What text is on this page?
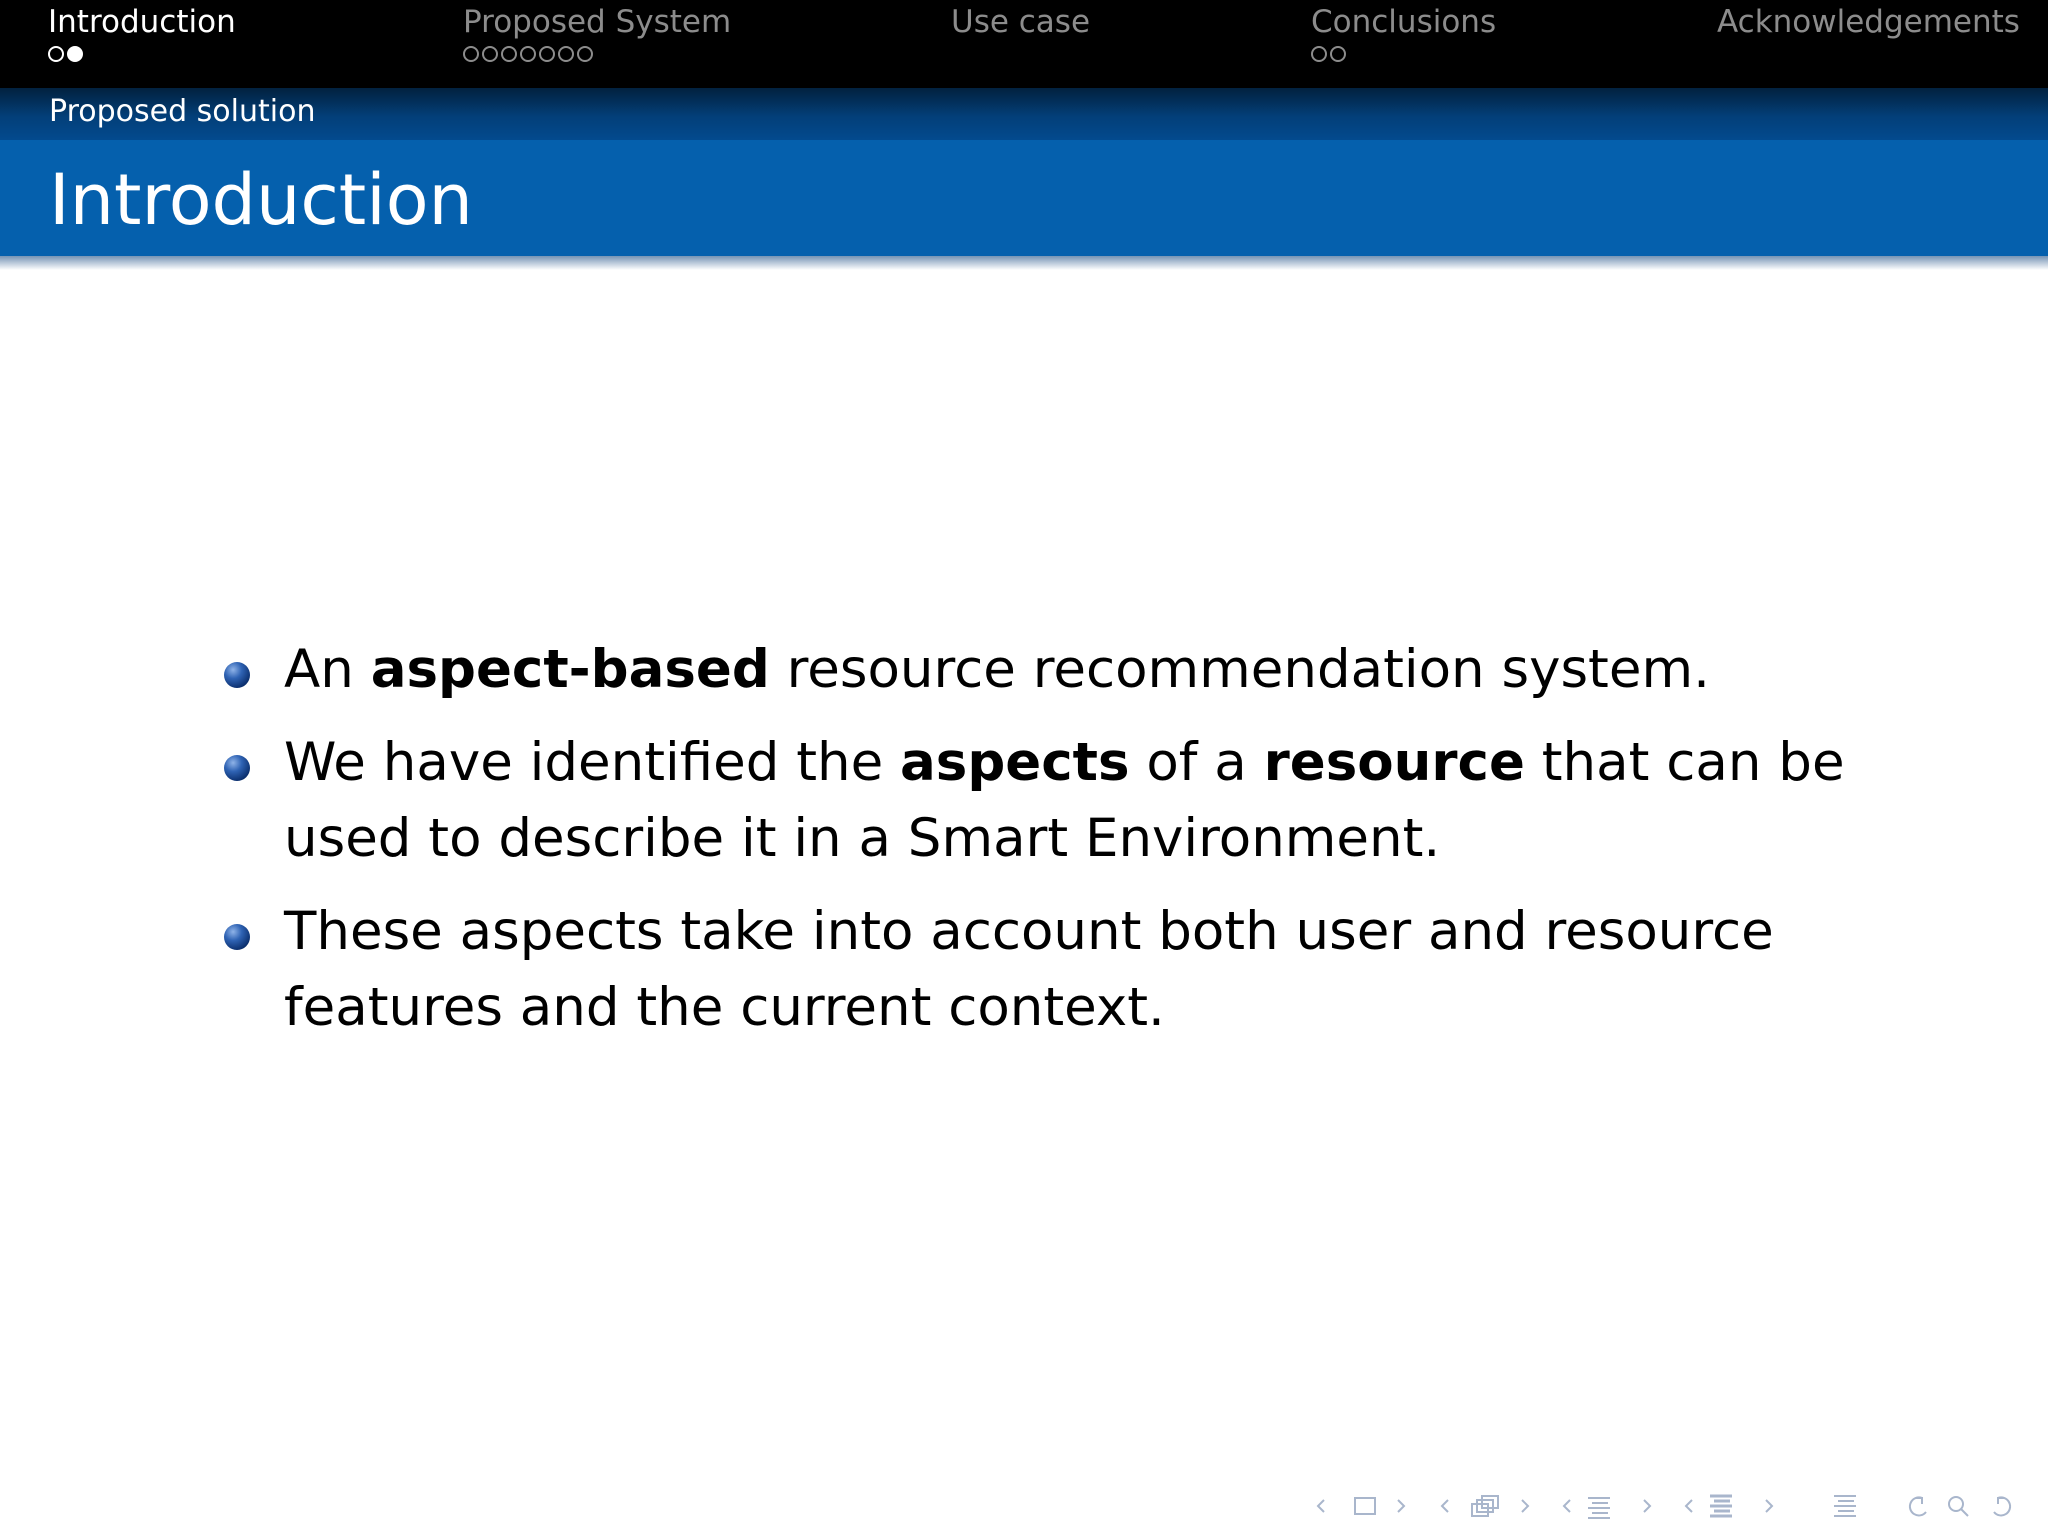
Introduction	Proposed System	Use case	Conclusions	Acknowledgements
Proposed solution
Introduction
An aspect-based resource recommendation system.
We have identified the aspects of a resource that can be used to describe it in a Smart Environment.
These aspects take into account both user and resource features and the current context.
